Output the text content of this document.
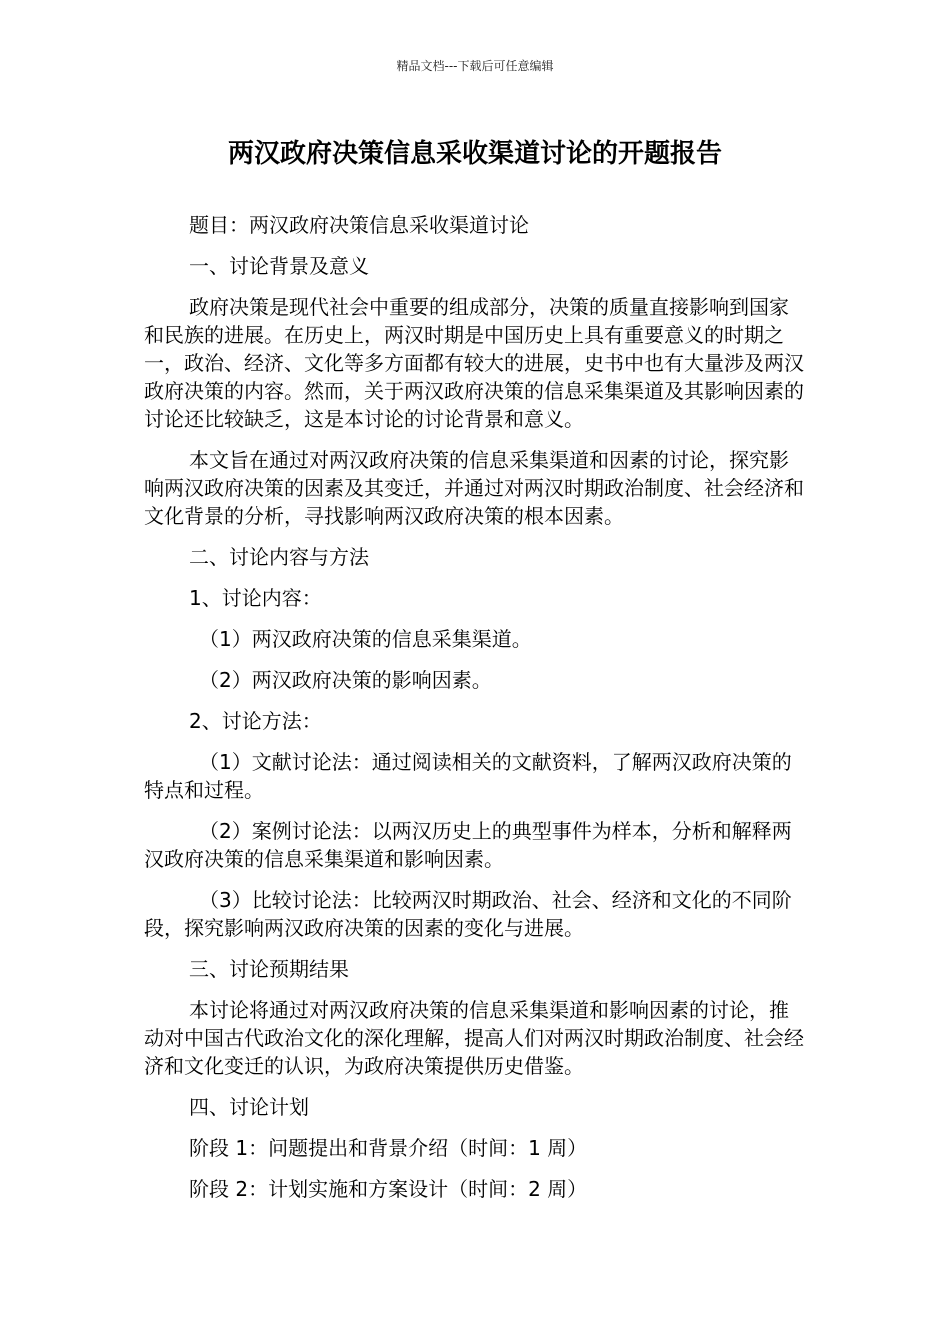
精品文档---下载后可任意编辑
两汉政府决策信息采收渠道讨论的开题报告

题目：两汉政府决策信息采收渠道讨论

一、讨论背景及意义

政府决策是现代社会中重要的组成部分，决策的质量直接影响到国家和民族的进展。在历史上，两汉时期是中国历史上具有重要意义的时期之一，政治、经济、文化等多方面都有较大的进展，史书中也有大量涉及两汉政府决策的内容。然而，关于两汉政府决策的信息采集渠道及其影响因素的讨论还比较缺乏，这是本讨论的讨论背景和意义。

本文旨在通过对两汉政府决策的信息采集渠道和因素的讨论，探究影响两汉政府决策的因素及其变迁，并通过对两汉时期政治制度、社会经济和文化背景的分析，寻找影响两汉政府决策的根本因素。

二、讨论内容与方法

1、讨论内容：

（1）两汉政府决策的信息采集渠道。

（2）两汉政府决策的影响因素。

2、讨论方法：

（1）文献讨论法：通过阅读相关的文献资料，了解两汉政府决策的特点和过程。

（2）案例讨论法：以两汉历史上的典型事件为样本，分析和解释两汉政府决策的信息采集渠道和影响因素。

（3）比较讨论法：比较两汉时期政治、社会、经济和文化的不同阶段，探究影响两汉政府决策的因素的变化与进展。

三、讨论预期结果

本讨论将通过对两汉政府决策的信息采集渠道和影响因素的讨论，推动对中国古代政治文化的深化理解，提高人们对两汉时期政治制度、社会经济和文化变迁的认识，为政府决策提供历史借鉴。

四、讨论计划

阶段 1：问题提出和背景介绍（时间：1 周）

阶段 2：计划实施和方案设计（时间：2 周）
